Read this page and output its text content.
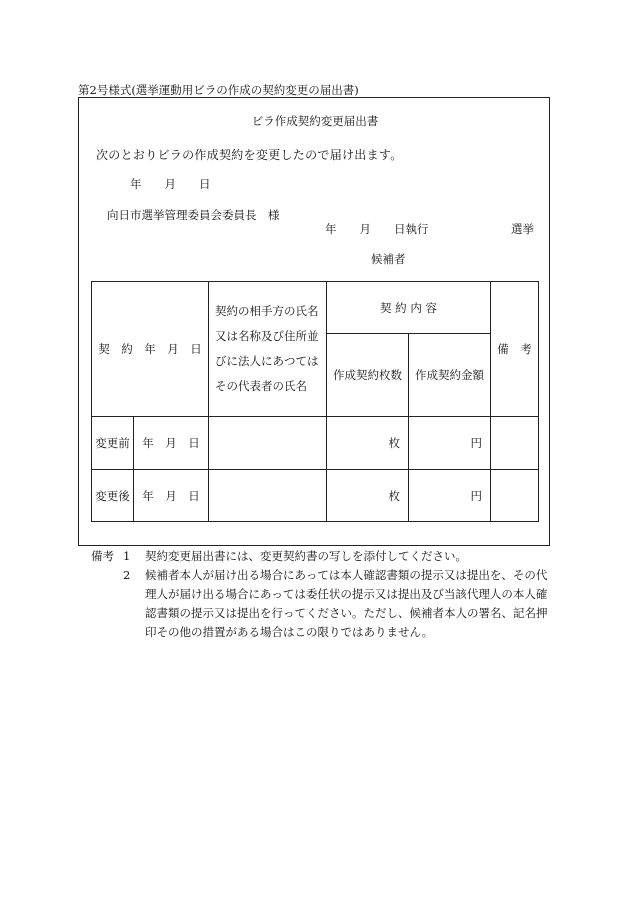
第2号様式(選挙運動用ビラの作成の契約変更の届出書)
ビラ作成契約変更届出書
次のとおりビラの作成契約を変更したので届け出ます。
年　　月　　日
向日市選挙管理委員会委員長　様
年　　月　　日執行	選挙
候補者
契　約　年　月　日		契約の相手方の氏名又は名称及び住所並びに法人にあつてはその代表者の氏名	契 約 内 容		備　考
			作成契約枚数	作成契約金額	
変更前	年　月　日		枚	円	
変更後	年　月　日		枚	円	
備考 1	契約変更届出書には、変更契約書の写しを添付してください。
2	候補者本人が届け出る場合にあっては本人確認書類の提示又は提出を、その代理人が届け出る場合にあっては委任状の提示又は提出及び当該代理人の本人確認書類の提示又は提出を行ってください。ただし、候補者本人の署名、記名押印その他の措置がある場合はこの限りではありません。
